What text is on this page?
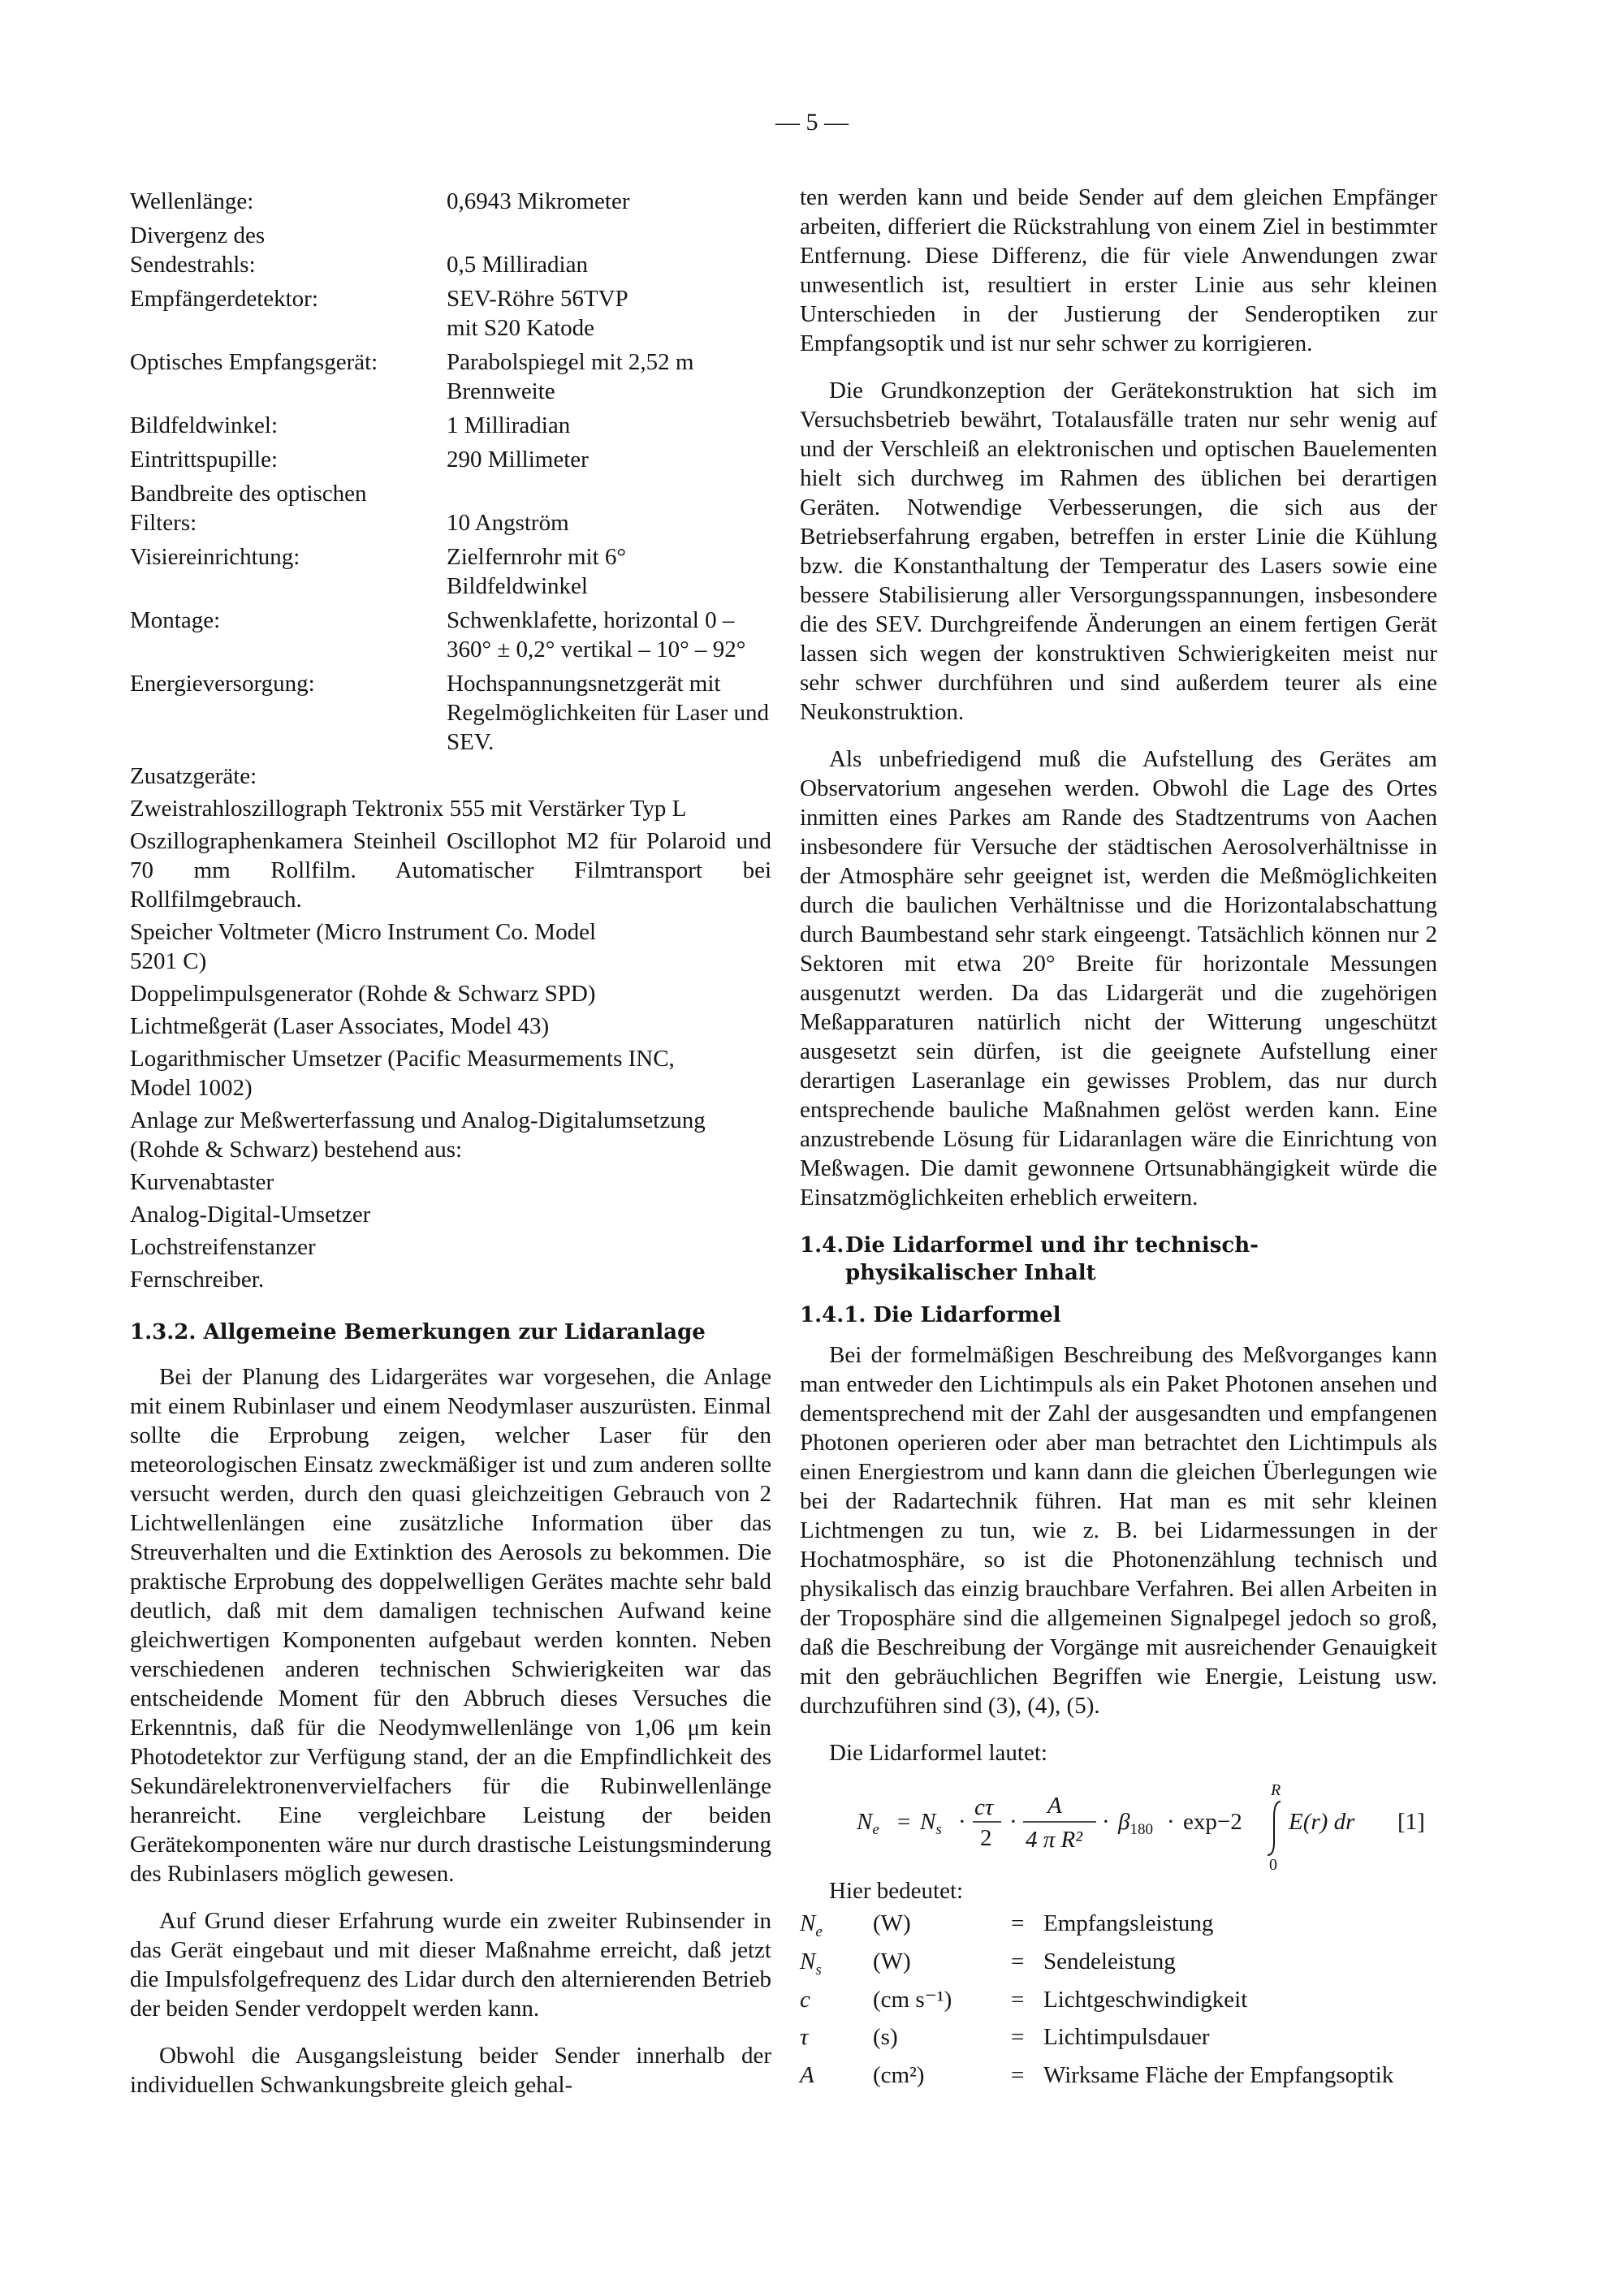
— 5 —
Wellenlänge:	0,6943 Mikrometer
Divergenz des Sendestrahls:	0,5 Milliradian
Empfängerdetektor:	SEV-Röhre 56TVP mit S20 Katode
Optisches Empfangsgerät:	Parabolspiegel mit 2,52 m Brennweite
Bildfeldwinkel:	1 Milliradian
Eintrittspupille:	290 Millimeter
Bandbreite des optischen Filters:	10 Angström
Visiereinrichtung:	Zielfernrohr mit 6° Bildfeldwinkel
Montage:	Schwenklafette, horizontal 0 – 360° ± 0,2° vertikal – 10° – 92°
Energieversorgung:	Hochspannungsnetzgerät mit Regelmöglichkeiten für Laser und SEV.
Zusatzgeräte:
Zweistrahloszillograph Tektronix 555 mit Verstärker Typ L
Oszillographenkamera Steinheil Oscillophot M2 für Polaroid und 70 mm Rollfilm. Automatischer Filmtransport bei Rollfilmgebrauch.
Speicher Voltmeter (Micro Instrument Co. Model 5201 C)
Doppelimpulsgenerator (Rohde & Schwarz SPD)
Lichtmeßgerät (Laser Associates, Model 43)
Logarithmischer Umsetzer (Pacific Measurmements INC, Model 1002)
Anlage zur Meßwerterfassung und Analog-Digitalumsetzung (Rohde & Schwarz) bestehend aus:
Kurvenabtaster
Analog-Digital-Umsetzer
Lochstreifenstanzer
Fernschreiber.
1.3.2. Allgemeine Bemerkungen zur Lidaranlage

Bei der Planung des Lidargerätes war vorgesehen, die Anlage mit einem Rubinlaser und einem Neodymlaser auszurüsten. Einmal sollte die Erprobung zeigen, welcher Laser für den meteorologischen Einsatz zweckmäßiger ist und zum anderen sollte versucht werden, durch den quasi gleichzeitigen Gebrauch von 2 Lichtwellenlängen eine zusätzliche Information über das Streuverhalten und die Extinktion des Aerosols zu bekommen. Die praktische Erprobung des doppelwelligen Gerätes machte sehr bald deutlich, daß mit dem damaligen technischen Aufwand keine gleichwertigen Komponenten aufgebaut werden konnten. Neben verschiedenen anderen technischen Schwierigkeiten war das entscheidende Moment für den Abbruch dieses Versuches die Erkenntnis, daß für die Neodymwellenlänge von 1,06 μm kein Photodetektor zur Verfügung stand, der an die Empfindlichkeit des Sekundärelektronenvervielfachers für die Rubinwellenlänge heranreicht. Eine vergleichbare Leistung der beiden Gerätekomponenten wäre nur durch drastische Leistungsminderung des Rubinlasers möglich gewesen.

Auf Grund dieser Erfahrung wurde ein zweiter Rubinsender in das Gerät eingebaut und mit dieser Maßnahme erreicht, daß jetzt die Impulsfolgefrequenz des Lidar durch den alternierenden Betrieb der beiden Sender verdoppelt werden kann.

Obwohl die Ausgangsleistung beider Sender innerhalb der individuellen Schwankungsbreite gleich gehal-

ten werden kann und beide Sender auf dem gleichen Empfänger arbeiten, differiert die Rückstrahlung von einem Ziel in bestimmter Entfernung. Diese Differenz, die für viele Anwendungen zwar unwesentlich ist, resultiert in erster Linie aus sehr kleinen Unterschieden in der Justierung der Senderoptiken zur Empfangsoptik und ist nur sehr schwer zu korrigieren.

Die Grundkonzeption der Gerätekonstruktion hat sich im Versuchsbetrieb bewährt, Totalausfälle traten nur sehr wenig auf und der Verschleiß an elektronischen und optischen Bauelementen hielt sich durchweg im Rahmen des üblichen bei derartigen Geräten. Notwendige Verbesserungen, die sich aus der Betriebserfahrung ergaben, betreffen in erster Linie die Kühlung bzw. die Konstanthaltung der Temperatur des Lasers sowie eine bessere Stabilisierung aller Versorgungsspannungen, insbesondere die des SEV. Durchgreifende Änderungen an einem fertigen Gerät lassen sich wegen der konstruktiven Schwierigkeiten meist nur sehr schwer durchführen und sind außerdem teurer als eine Neukonstruktion.

Als unbefriedigend muß die Aufstellung des Gerätes am Observatorium angesehen werden. Obwohl die Lage des Ortes inmitten eines Parkes am Rande des Stadtzentrums von Aachen insbesondere für Versuche der städtischen Aerosolverhältnisse in der Atmosphäre sehr geeignet ist, werden die Meßmöglichkeiten durch die baulichen Verhältnisse und die Horizontalabschattung durch Baumbestand sehr stark eingeengt. Tatsächlich können nur 2 Sektoren mit etwa 20° Breite für horizontale Messungen ausgenutzt werden. Da das Lidargerät und die zugehörigen Meßapparaturen natürlich nicht der Witterung ungeschützt ausgesetzt sein dürfen, ist die geeignete Aufstellung einer derartigen Laseranlage ein gewisses Problem, das nur durch entsprechende bauliche Maßnahmen gelöst werden kann. Eine anzustrebende Lösung für Lidaranlagen wäre die Einrichtung von Meßwagen. Die damit gewonnene Ortsunabhängigkeit würde die Einsatzmöglichkeiten erheblich erweitern.

1.4. Die Lidarformel und ihr technisch-physikalischer Inhalt
1.4.1. Die Lidarformel

Bei der formelmäßigen Beschreibung des Meßvorganges kann man entweder den Lichtimpuls als ein Paket Photonen ansehen und dementsprechend mit der Zahl der ausgesandten und empfangenen Photonen operieren oder aber man betrachtet den Lichtimpuls als einen Energiestrom und kann dann die gleichen Überlegungen wie bei der Radartechnik führen. Hat man es mit sehr kleinen Lichtmengen zu tun, wie z. B. bei Lidarmessungen in der Hochatmosphäre, so ist die Photonenzählung technisch und physikalisch das einzig brauchbare Verfahren. Bei allen Arbeiten in der Troposphäre sind die allgemeinen Signalpegel jedoch so groß, daß die Beschreibung der Vorgänge mit ausreichender Genauigkeit mit den gebräuchlichen Begriffen wie Energie, Leistung usw. durchzuführen sind (3), (4), (5).

Die Lidarformel lautet:

$N_e = N_s$ ·
cτ
2
·
A
4 π R²
· $\beta_{180} \cdot \exp-2$
R
0
E(r) dr [1]
Hier bedeutet:
$N_e$	(W)	= Empfangsleistung
$N_s$	(W)	= Sendeleistung
c	(cm s⁻¹)	= Lichtgeschwindigkeit
τ	(s)	= Lichtimpulsdauer
A	(cm²)	= Wirksame Fläche der Empfangsoptik
